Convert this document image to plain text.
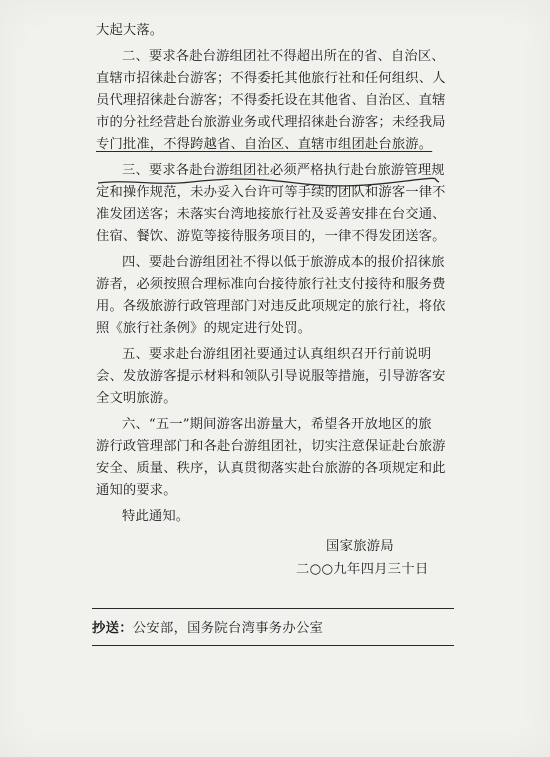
大起大落。
二、要求各赴台游组团社不得超出所在的省、自治区、
直辖市招徕赴台游客；不得委托其他旅行社和任何组织、人
员代理招徕赴台游客；不得委托设在其他省、自治区、直辖
市的分社经营赴台旅游业务或代理招徕赴台游客；未经我局
专门批准，不得跨越省、自治区、直辖市组团赴台旅游。
三、要求各赴台游组团社必须严格执行赴台旅游管理规
定和操作规范，未办妥入台许可等手续的团队和游客一律不
准发团送客；未落实台湾地接旅行社及妥善安排在台交通、
住宿、餐饮、游览等接待服务项目的，一律不得发团送客。
四、要赴台游组团社不得以低于旅游成本的报价招徕旅
游者，必须按照合理标准向台接待旅行社支付接待和服务费
用。各级旅游行政管理部门对违反此项规定的旅行社，将依
照《旅行社条例》的规定进行处罚。
五、要求赴台游组团社要通过认真组织召开行前说明
会、发放游客提示材料和领队引导说服等措施，引导游客安
全文明旅游。
六、“五一”期间游客出游量大，希望各开放地区的旅
游行政管理部门和各赴台游组团社，切实注意保证赴台旅游
安全、质量、秩序，认真贯彻落实赴台旅游的各项规定和此
通知的要求。
特此通知。
国家旅游局
二○○九年四月三十日
抄送：公安部，国务院台湾事务办公室
